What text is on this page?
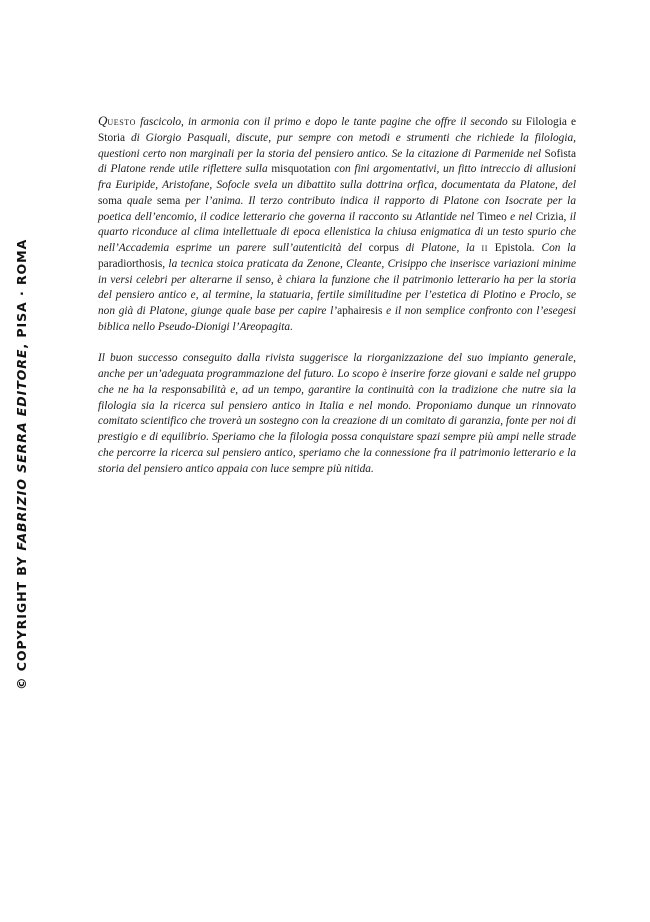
© COPYRIGHT BY FABRIZIO SERRA EDITORE, PISA · ROMA

Questo fascicolo, in armonia con il primo e dopo le tante pagine che offre il secondo su Filologia e Storia di Giorgio Pasquali, discute, pur sempre con metodi e strumenti che richiede la filologia, questioni certo non marginali per la storia del pensiero antico. Se la citazione di Parmenide nel Sofista di Platone rende utile riflettere sulla misquotation con fini argomentativi, un fitto intreccio di allusioni fra Euripide, Aristofane, Sofocle svela un dibattito sulla dottrina orfica, documentata da Platone, del soma quale sema per l’anima. Il terzo contributo indica il rapporto di Platone con Isocrate per la poetica dell’encomio, il codice letterario che governa il racconto su Atlantide nel Timeo e nel Crizia, il quarto riconduce al clima intellettuale di epoca ellenistica la chiusa enigmatica di un testo spurio che nell’Accademia esprime un parere sull’autenticità del corpus di Platone, la ii Epistola. Con la paradiorthosis, la tecnica stoica praticata da Zenone, Cleante, Crisippo che inserisce variazioni minime in versi celebri per alterarne il senso, è chiara la funzione che il patrimonio letterario ha per la storia del pensiero antico e, al termine, la statuaria, fertile similitudine per l’estetica di Plotino e Proclo, se non già di Platone, giunge quale base per capire l’aphairesis e il non semplice confronto con l’esegesi biblica nello Pseudo-Dionigi l’Areopagita.

Il buon successo conseguito dalla rivista suggerisce la riorganizzazione del suo impianto generale, anche per un’adeguata programmazione del futuro. Lo scopo è inserire forze giovani e salde nel gruppo che ne ha la responsabilità e, ad un tempo, garantire la continuità con la tradizione che nutre sia la filologia sia la ricerca sul pensiero antico in Italia e nel mondo. Proponiamo dunque un rinnovato comitato scientifico che troverà un sostegno con la creazione di un comitato di garanzia, fonte per noi di prestigio e di equilibrio. Speriamo che la filologia possa conquistare spazi sempre più ampi nelle strade che percorre la ricerca sul pensiero antico, speriamo che la connessione fra il patrimonio letterario e la storia del pensiero antico appaia con luce sempre più nitida.
